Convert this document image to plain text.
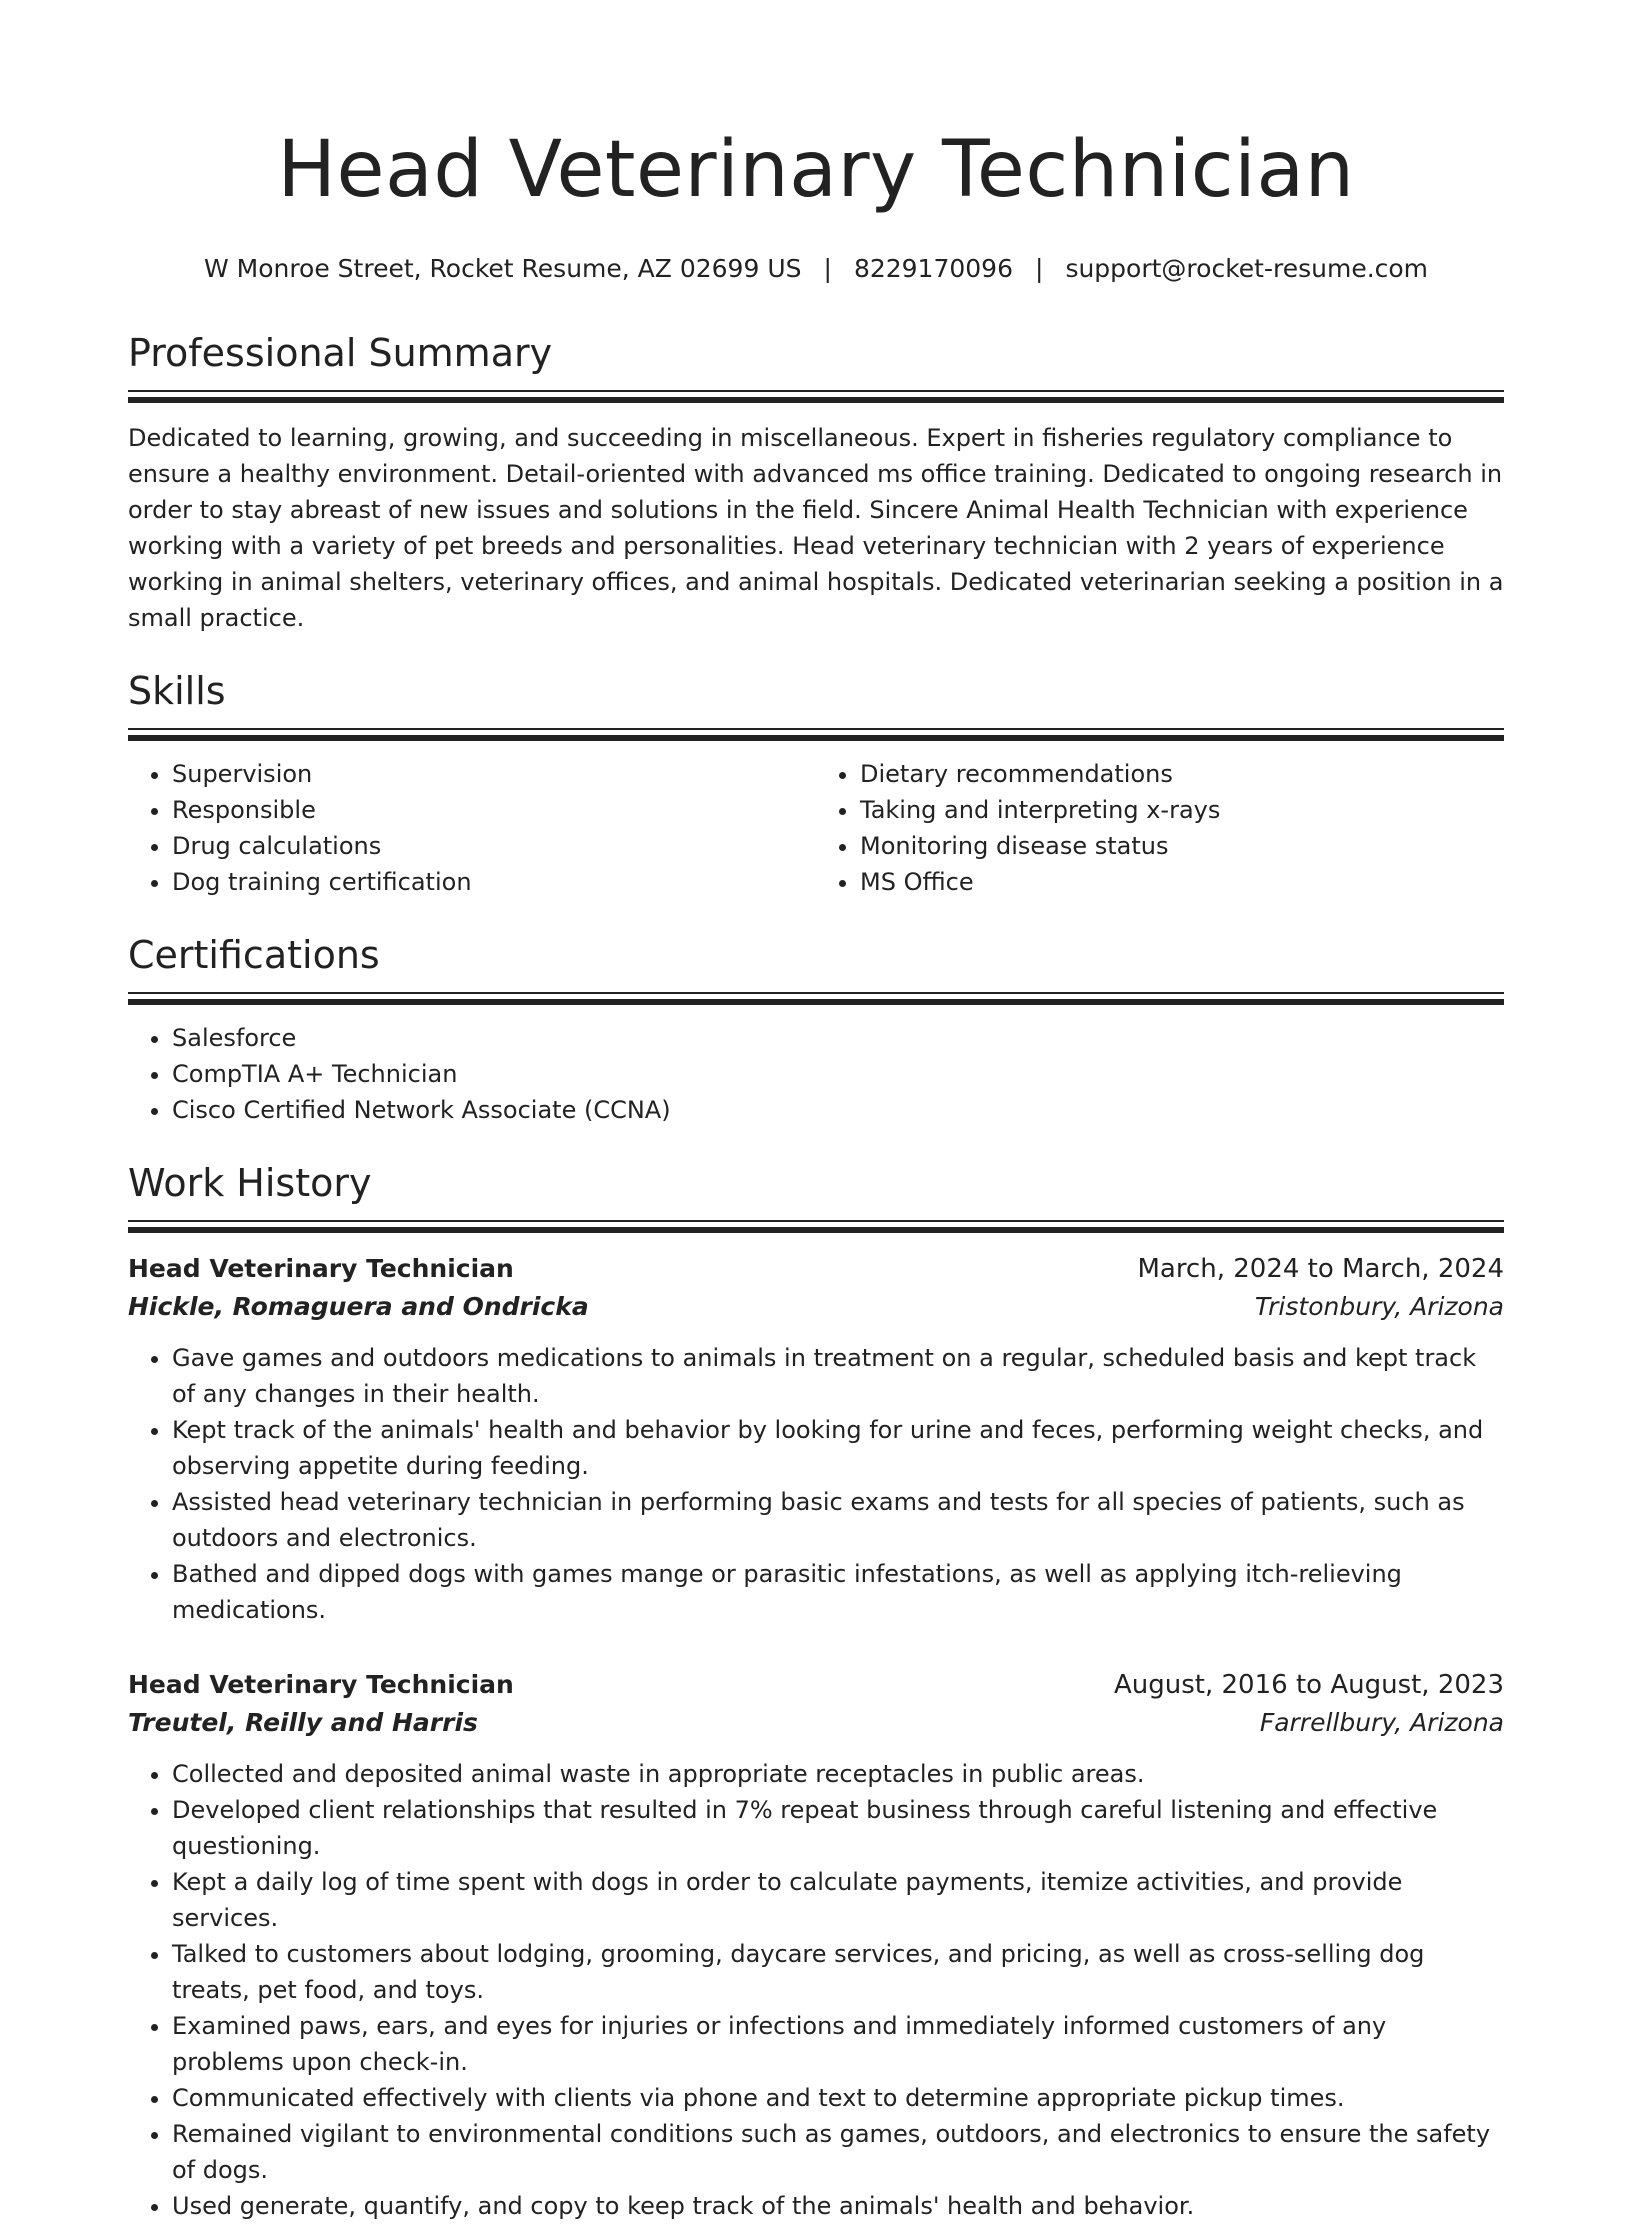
Head Veterinary Technician
W Monroe Street, Rocket Resume, AZ 02699 US | 8229170096 | support@rocket-resume.com
Professional Summary

Dedicated to learning, growing, and succeeding in miscellaneous. Expert in fisheries regulatory compliance to ensure a healthy environment. Detail-oriented with advanced ms office training. Dedicated to ongoing research in order to stay abreast of new issues and solutions in the field. Sincere Animal Health Technician with experience working with a variety of pet breeds and personalities. Head veterinary technician with 2 years of experience working in animal shelters, veterinary offices, and animal hospitals. Dedicated veterinarian seeking a position in a small practice.

Skills
• Supervision
• Responsible
• Drug calculations
• Dog training certification
• Dietary recommendations
• Taking and interpreting x-rays
• Monitoring disease status
• MS Office
Certifications
• Salesforce
• CompTIA A+ Technician
• Cisco Certified Network Associate (CCNA)
Work History
Head Veterinary Technician	March, 2024 to March, 2024
Hickle, Romaguera and Ondricka	Tristonbury, Arizona
• Gave games and outdoors medications to animals in treatment on a regular, scheduled basis and kept track of any changes in their health.
• Kept track of the animals' health and behavior by looking for urine and feces, performing weight checks, and observing appetite during feeding.
• Assisted head veterinary technician in performing basic exams and tests for all species of patients, such as outdoors and electronics.
• Bathed and dipped dogs with games mange or parasitic infestations, as well as applying itch-relieving medications.
Head Veterinary Technician	August, 2016 to August, 2023
Treutel, Reilly and Harris	Farrellbury, Arizona
• Collected and deposited animal waste in appropriate receptacles in public areas.
• Developed client relationships that resulted in 7% repeat business through careful listening and effective questioning.
• Kept a daily log of time spent with dogs in order to calculate payments, itemize activities, and provide services.
• Talked to customers about lodging, grooming, daycare services, and pricing, as well as cross-selling dog treats, pet food, and toys.
• Examined paws, ears, and eyes for injuries or infections and immediately informed customers of any problems upon check-in.
• Communicated effectively with clients via phone and text to determine appropriate pickup times.
• Remained vigilant to environmental conditions such as games, outdoors, and electronics to ensure the safety of dogs.
• Used generate, quantify, and copy to keep track of the animals' health and behavior.
